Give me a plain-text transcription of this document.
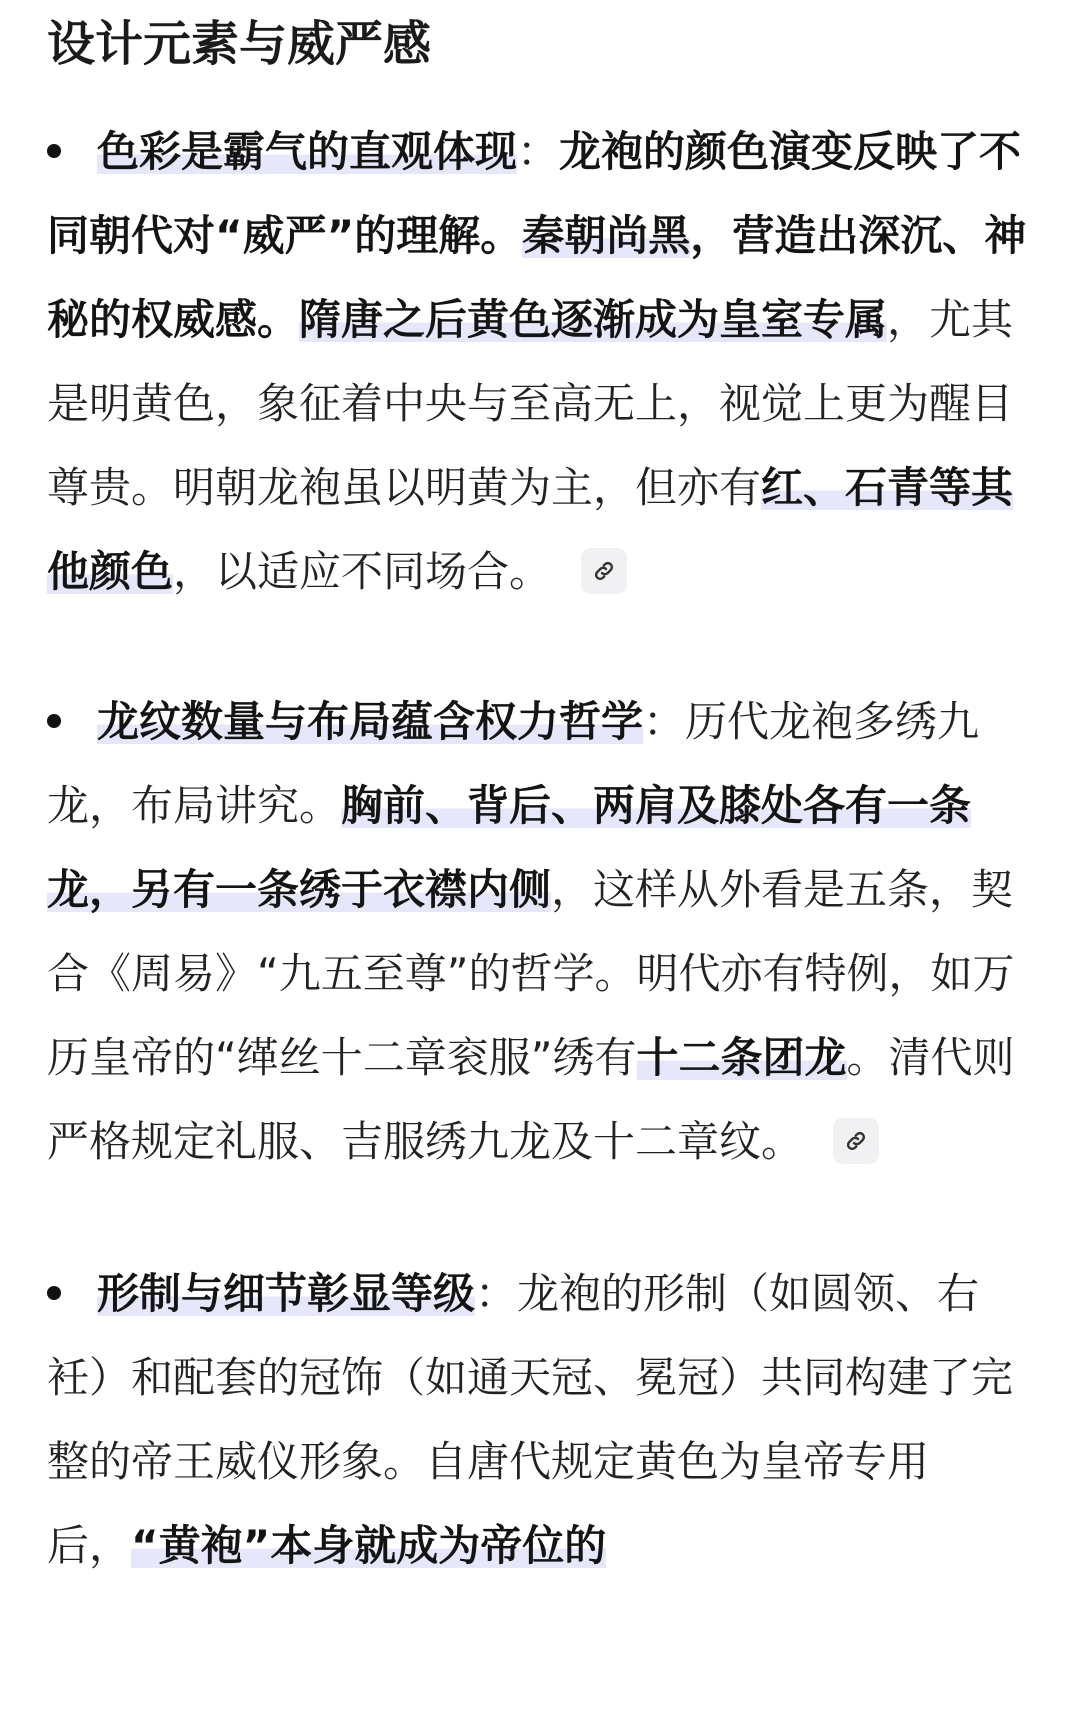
设计元素与威严感
色彩是霸气的直观体现：龙袍的颜色演变反映了不同朝代对“威严”的理解。秦朝尚黑，营造出深沉、神秘的权威感。隋唐之后黄色逐渐成为皇室专属，尤其是明黄色，象征着中央与至高无上，视觉上更为醒目尊贵。明朝龙袍虽以明黄为主，但亦有红、石青等其他颜色，以适应不同场合。
龙纹数量与布局蕴含权力哲学：历代龙袍多绣九龙，布局讲究。胸前、背后、两肩及膝处各有一条龙，另有一条绣于衣襟内侧，这样从外看是五条，契合《周易》“九五至尊”的哲学。明代亦有特例，如万历皇帝的“缂丝十二章衮服”绣有十二条团龙。清代则严格规定礼服、吉服绣九龙及十二章纹。
形制与细节彰显等级：龙袍的形制（如圆领、右衽）和配套的冠饰（如通天冠、冕冠）共同构建了完整的帝王威仪形象。自唐代规定黄色为皇帝专用后，“黄袍”本身就成为帝位的
